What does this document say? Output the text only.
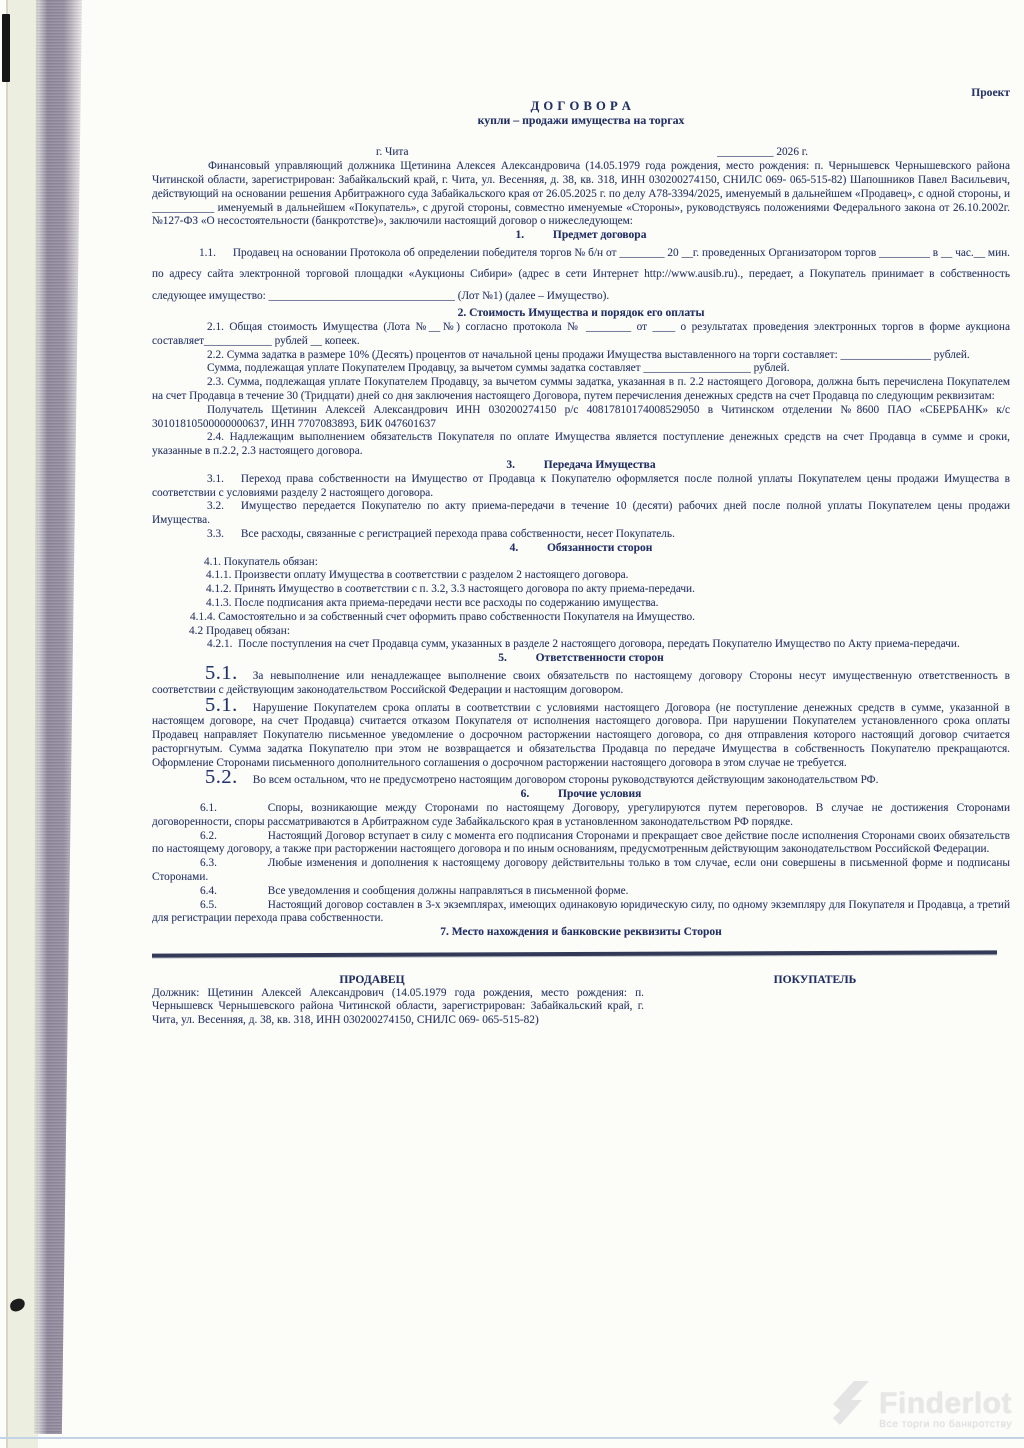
Проект

Д О Г О В О Р А

купли – продажи имущества на торгах

г. Чита	__________ 2026 г.

Финансовый управляющий должника Щетинина Алексея Александровича (14.05.1979 года рождения, место рождения: п. Чернышевск Чернышевского района Читинской области, зарегистрирован: Забайкальский край, г. Чита, ул. Весенняя, д. 38, кв. 318, ИНН 030200274150, СНИЛС 069- 065-515-82) Шапошников Павел Васильевич, действующий на основании решения Арбитражного суда Забайкальского края от 26.05.2025 г. по делу А78-3394/2025, именуемый в дальнейшем «Продавец», с одной стороны, и ___________ именуемый в дальнейшем «Покупатель», с другой стороны, совместно именуемые «Стороны», руководствуясь положениями Федерального закона от 26.10.2002г. №127-ФЗ «О несостоятельности (банкротстве)», заключили настоящий договор о нижеследующем:

1.   Предмет договора

1.1.  Продавец на основании Протокола об определении победителя торгов № б/н от ________ 20 __г. проведенных Организатором торгов _________ в __ час.__ мин. по адресу сайта электронной торговой площадки «Аукционы Сибири» (адрес в сети Интернет http://www.ausib.ru)., передает, а Покупатель принимает в собственность следующее имущество: _________________________________ (Лот №1) (далее – Имущество).

2. Стоимость Имущества и порядок его оплаты

2.1. Общая стоимость Имущества (Лота №__№) согласно протокола № ________ от ____ о результатах проведения электронных торгов в форме аукциона составляет____________ рублей __ копеек.

2.2. Сумма задатка в размере 10% (Десять) процентов от начальной цены продажи Имущества выставленного на торги составляет: ________________ рублей.

Сумма, подлежащая уплате Покупателем Продавцу, за вычетом суммы задатка составляет ___________________ рублей.

2.3. Сумма, подлежащая уплате Покупателем Продавцу, за вычетом суммы задатка, указанная в п. 2.2 настоящего Договора, должна быть перечислена Покупателем на счет Продавца в течение 30 (Тридцати) дней со дня заключения настоящего Договора, путем перечисления денежных средств на счет Продавца по следующим реквизитам:

Получатель Щетинин Алексей Александрович ИНН 030200274150 р/с 40817810174008529050 в Читинском отделении №8600 ПАО «СБЕРБАНК» к/с 30101810500000000637, ИНН 7707083893, БИК 047601637

2.4. Надлежащим выполнением обязательств Покупателя по оплате Имущества является поступление денежных средств на счет Продавца в сумме и сроки, указанные в п.2.2, 2.3 настоящего договора.

3.   Передача Имущества

3.1.  Переход права собственности на Имущество от Продавца к Покупателю оформляется после полной уплаты Покупателем цены продажи Имущества в соответствии с условиями разделу 2 настоящего договора.

3.2.  Имущество передается Покупателю по акту приема-передачи в течение 10 (десяти) рабочих дней после полной уплаты Покупателем цены продажи Имущества.

3.3.  Все расходы, связанные с регистрацией перехода права собственности, несет Покупатель.

4.   Обязанности сторон

4.1. Покупатель обязан:

4.1.1. Произвести оплату Имущества в соответствии с разделом 2 настоящего договора.

4.1.2. Принять Имущество в соответствии с п. 3.2, 3.3 настоящего договора по акту приема-передачи.

4.1.3. После подписания акта приема-передачи нести все расходы по содержанию имущества.

4.1.4. Самостоятельно и за собственный счет оформить право собственности Покупателя на Имущество.

4.2 Продавец обязан:

4.2.1. После поступления на счет Продавца сумм, указанных в разделе 2 настоящего договора, передать Покупателю Имущество по Акту приема-передачи.

5.   Ответственности сторон

5.1. За невыполнение или ненадлежащее выполнение своих обязательств по настоящему договору Стороны несут имущественную ответственность в соответствии с действующим законодательством Российской Федерации и настоящим договором.

5.1. Нарушение Покупателем срока оплаты в соответствии с условиями настоящего Договора (не поступление денежных средств в сумме, указанной в настоящем договоре, на счет Продавца) считается отказом Покупателя от исполнения настоящего договора. При нарушении Покупателем установленного срока оплаты Продавец направляет Покупателю письменное уведомление о досрочном расторжении настоящего договора, со дня отправления которого настоящий договор считается расторгнутым. Сумма задатка Покупателю при этом не возвращается и обязательства Продавца по передаче Имущества в собственность Покупателю прекращаются. Оформление Сторонами письменного дополнительного соглашения о досрочном расторжении настоящего договора в этом случае не требуется.

5.2. Во всем остальном, что не предусмотрено настоящим договором стороны руководствуются действующим законодательством РФ.

6.   Прочие условия

6.1.     Споры, возникающие между Сторонами по настоящему Договору, урегулируются путем переговоров. В случае не достижения Сторонами договоренности, споры рассматриваются в Арбитражном суде Забайкальского края в установленном законодательством РФ порядке.

6.2.     Настоящий Договор вступает в силу с момента его подписания Сторонами и прекращает свое действие после исполнения Сторонами своих обязательств по настоящему договору, а также при расторжении настоящего договора и по иным основаниям, предусмотренным действующим законодательством Российской Федерации.

6.3.     Любые изменения и дополнения к настоящему договору действительны только в том случае, если они совершены в письменной форме и подписаны Сторонами.

6.4.     Все уведомления и сообщения должны направляться в письменной форме.

6.5.     Настоящий договор составлен в 3-х экземплярах, имеющих одинаковую юридическую силу, по одному экземпляру для Покупателя и Продавца, а третий для регистрации перехода права собственности.

7. Место нахождения и банковские реквизиты Сторон

ПРОДАВЕЦ

Должник: Щетинин Алексей Александрович (14.05.1979 года рождения, место рождения: п. Чернышевск Чернышевского района Читинской области, зарегистрирован: Забайкальский край, г. Чита, ул. Весенняя, д. 38, кв. 318, ИНН 030200274150, СНИЛС 069- 065-515-82)

ПОКУПАТЕЛЬ

Finderlot
Все торги по банкротству
